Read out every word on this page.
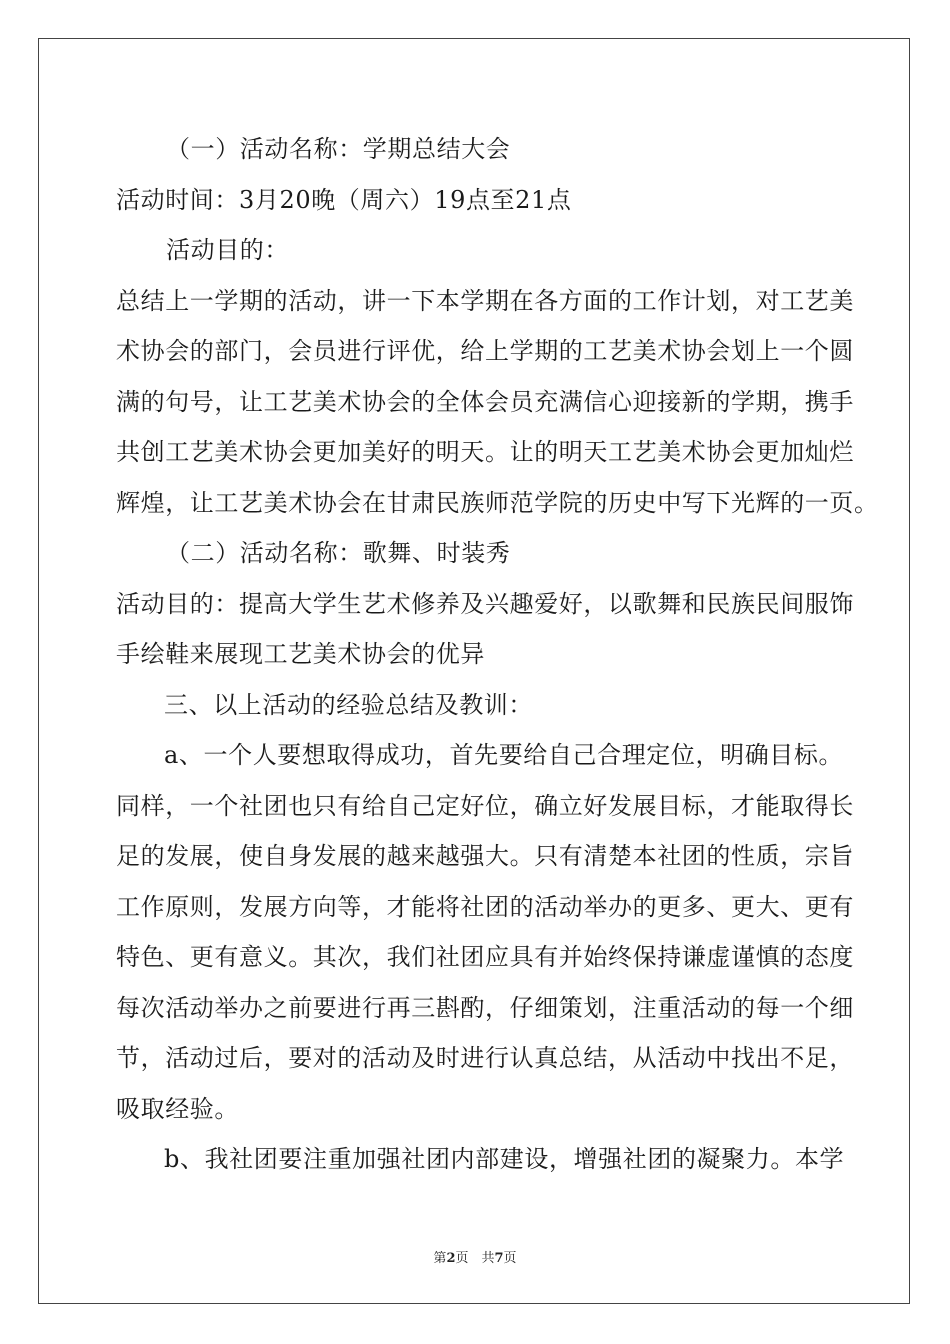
（一）活动名称：学期总结大会
活动时间：3月20晚（周六）19点至21点
活动目的：
总结上一学期的活动，讲一下本学期在各方面的工作计划，对工艺美
术协会的部门，会员进行评优，给上学期的工艺美术协会划上一个圆
满的句号，让工艺美术协会的全体会员充满信心迎接新的学期，携手
共创工艺美术协会更加美好的明天。让的明天工艺美术协会更加灿烂
辉煌，让工艺美术协会在甘肃民族师范学院的历史中写下光辉的一页。
（二）活动名称：歌舞、时装秀
活动目的：提高大学生艺术修养及兴趣爱好，以歌舞和民族民间服饰
手绘鞋来展现工艺美术协会的优异
三、以上活动的经验总结及教训：
a、一个人要想取得成功，首先要给自己合理定位，明确目标。
同样，一个社团也只有给自己定好位，确立好发展目标，才能取得长
足的发展，使自身发展的越来越强大。只有清楚本社团的性质，宗旨
工作原则，发展方向等，才能将社团的活动举办的更多、更大、更有
特色、更有意义。其次，我们社团应具有并始终保持谦虚谨慎的态度
每次活动举办之前要进行再三斟酌，仔细策划，注重活动的每一个细
节，活动过后，要对的活动及时进行认真总结，从活动中找出不足，
吸取经验。
b、我社团要注重加强社团内部建设，增强社团的凝聚力。本学
第2页　共7页
